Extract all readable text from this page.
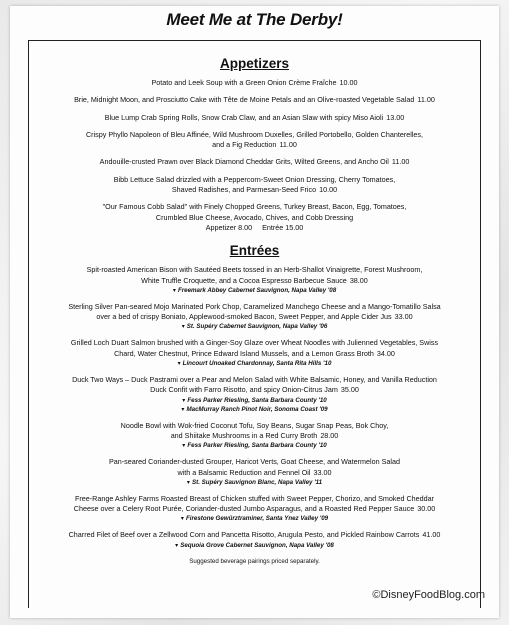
Meet Me at The Derby!
Appetizers
Potato and Leek Soup with a Green Onion Crème Fraîche 10.00
Brie, Midnight Moon, and Prosciutto Cake with Tête de Moine Petals and an Olive-roasted Vegetable Salad 11.00
Blue Lump Crab Spring Rolls, Snow Crab Claw, and an Asian Slaw with spicy Miso Aioli 13.00
Crispy Phyllo Napoleon of Bleu Affinée, Wild Mushroom Duxelles, Grilled Portobello, Golden Chanterelles,
and a Fig Reduction 11.00
Andouille-crusted Prawn over Black Diamond Cheddar Grits, Wilted Greens, and Ancho Oil 11.00
Bibb Lettuce Salad drizzled with a Peppercorn-Sweet Onion Dressing, Cherry Tomatoes,
Shaved Radishes, and Parmesan-Seed Frico 10.00
"Our Famous Cobb Salad" with Finely Chopped Greens, Turkey Breast, Bacon, Egg, Tomatoes,
Crumbled Blue Cheese, Avocado, Chives, and Cobb Dressing
Appetizer 8.00 Entrée 15.00
Entrées
Spit-roasted American Bison with Sautéed Beets tossed in an Herb-Shallot Vinaigrette, Forest Mushroom,
White Truffle Croquette, and a Cocoa Espresso Barbecue Sauce 38.00
▾ Freemark Abbey Cabernet Sauvignon, Napa Valley '08
Sterling Silver Pan-seared Mojo Marinated Pork Chop, Caramelized Manchego Cheese and a Mango-Tomatillo Salsa
over a bed of crispy Boniato, Applewood-smoked Bacon, Sweet Pepper, and Apple Cider Jus 33.00
▾ St. Supéry Cabernet Sauvignon, Napa Valley '06
Grilled Loch Duart Salmon brushed with a Ginger-Soy Glaze over Wheat Noodles with Julienned Vegetables, Swiss
Chard, Water Chestnut, Prince Edward Island Mussels, and a Lemon Grass Broth 34.00
▾ Lincourt Unoaked Chardonnay, Santa Rita Hills '10
Duck Two Ways – Duck Pastrami over a Pear and Melon Salad with White Balsamic, Honey, and Vanilla Reduction
Duck Confit with Farro Risotto, and spicy Onion-Citrus Jam 35.00
▾ Fess Parker Riesling, Santa Barbara County '10
▾ MacMurray Ranch Pinot Noir, Sonoma Coast '09
Noodle Bowl with Wok-fried Coconut Tofu, Soy Beans, Sugar Snap Peas, Bok Choy,
and Shiitake Mushrooms in a Red Curry Broth 28.00
▾ Fess Parker Riesling, Santa Barbara County '10
Pan-seared Coriander-dusted Grouper, Haricot Verts, Goat Cheese, and Watermelon Salad
with a Balsamic Reduction and Fennel Oil 33.00
▾ St. Supéry Sauvignon Blanc, Napa Valley '11
Free-Range Ashley Farms Roasted Breast of Chicken stuffed with Sweet Pepper, Chorizo, and Smoked Cheddar
Cheese over a Celery Root Purée, Coriander-dusted Jumbo Asparagus, and a Roasted Red Pepper Sauce 30.00
▾ Firestone Gewürztraminer, Santa Ynez Valley '09
Charred Filet of Beef over a Zellwood Corn and Pancetta Risotto, Arugula Pesto, and Pickled Rainbow Carrots 41.00
▾ Sequoia Grove Cabernet Sauvignon, Napa Valley '08
Suggested beverage pairings priced separately.
©DisneyFoodBlog.com
